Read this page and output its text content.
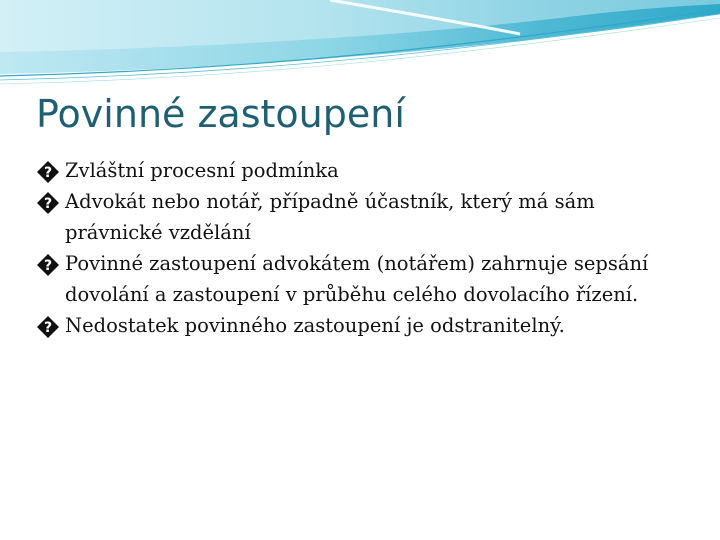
Povinné zastoupení
? Zvláštní procesní podmínka
? Advokát nebo notář, případně účastník, který má sám právnické vzdělání
? Povinné zastoupení advokátem (notářem) zahrnuje sepsání dovolání a zastoupení v průběhu celého dovolacího řízení.
? Nedostatek povinného zastoupení je odstranitelný.
